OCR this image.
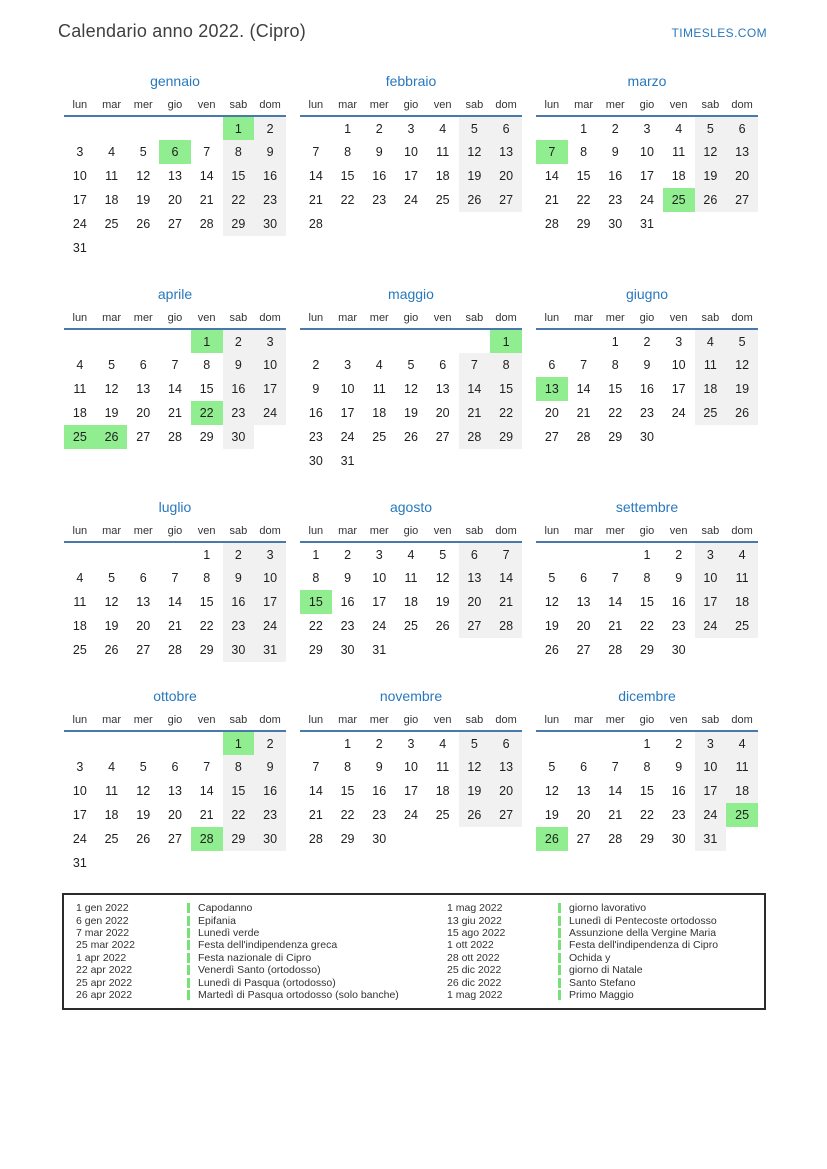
Calendario anno 2022. (Cipro)	TIMESLES.COM
gennaio
lun	mar	mer	gio	ven	sab	dom
					1	2
3	4	5	6	7	8	9
10	11	12	13	14	15	16
17	18	19	20	21	22	23
24	25	26	27	28	29	30
31						
febbraio
lun	mar	mer	gio	ven	sab	dom
	1	2	3	4	5	6
7	8	9	10	11	12	13
14	15	16	17	18	19	20
21	22	23	24	25	26	27
28						
marzo
lun	mar	mer	gio	ven	sab	dom
	1	2	3	4	5	6
7	8	9	10	11	12	13
14	15	16	17	18	19	20
21	22	23	24	25	26	27
28	29	30	31			
aprile
lun	mar	mer	gio	ven	sab	dom
				1	2	3
4	5	6	7	8	9	10
11	12	13	14	15	16	17
18	19	20	21	22	23	24
25	26	27	28	29	30	
maggio
lun	mar	mer	gio	ven	sab	dom
						1
2	3	4	5	6	7	8
9	10	11	12	13	14	15
16	17	18	19	20	21	22
23	24	25	26	27	28	29
30	31					
giugno
lun	mar	mer	gio	ven	sab	dom
		1	2	3	4	5
6	7	8	9	10	11	12
13	14	15	16	17	18	19
20	21	22	23	24	25	26
27	28	29	30			
luglio
lun	mar	mer	gio	ven	sab	dom
				1	2	3
4	5	6	7	8	9	10
11	12	13	14	15	16	17
18	19	20	21	22	23	24
25	26	27	28	29	30	31
agosto
lun	mar	mer	gio	ven	sab	dom
1	2	3	4	5	6	7
8	9	10	11	12	13	14
15	16	17	18	19	20	21
22	23	24	25	26	27	28
29	30	31				
settembre
lun	mar	mer	gio	ven	sab	dom
			1	2	3	4
5	6	7	8	9	10	11
12	13	14	15	16	17	18
19	20	21	22	23	24	25
26	27	28	29	30		
ottobre
lun	mar	mer	gio	ven	sab	dom
					1	2
3	4	5	6	7	8	9
10	11	12	13	14	15	16
17	18	19	20	21	22	23
24	25	26	27	28	29	30
31						
novembre
lun	mar	mer	gio	ven	sab	dom
	1	2	3	4	5	6
7	8	9	10	11	12	13
14	15	16	17	18	19	20
21	22	23	24	25	26	27
28	29	30				
dicembre
lun	mar	mer	gio	ven	sab	dom
			1	2	3	4
5	6	7	8	9	10	11
12	13	14	15	16	17	18
19	20	21	22	23	24	25
26	27	28	29	30	31	
1 gen 2022	Capodanno
6 gen 2022	Epifania
7 mar 2022	Lunedì verde
25 mar 2022	Festa dell'indipendenza greca
1 apr 2022	Festa nazionale di Cipro
22 apr 2022	Venerdì Santo (ortodosso)
25 apr 2022	Lunedì di Pasqua (ortodosso)
26 apr 2022	Martedì di Pasqua ortodosso (solo banche)
1 mag 2022	giorno lavorativo
13 giu 2022	Lunedì di Pentecoste ortodosso
15 ago 2022	Assunzione della Vergine Maria
1 ott 2022	Festa dell'indipendenza di Cipro
28 ott 2022	Ochida y
25 dic 2022	giorno di Natale
26 dic 2022	Santo Stefano
1 mag 2022	Primo Maggio
